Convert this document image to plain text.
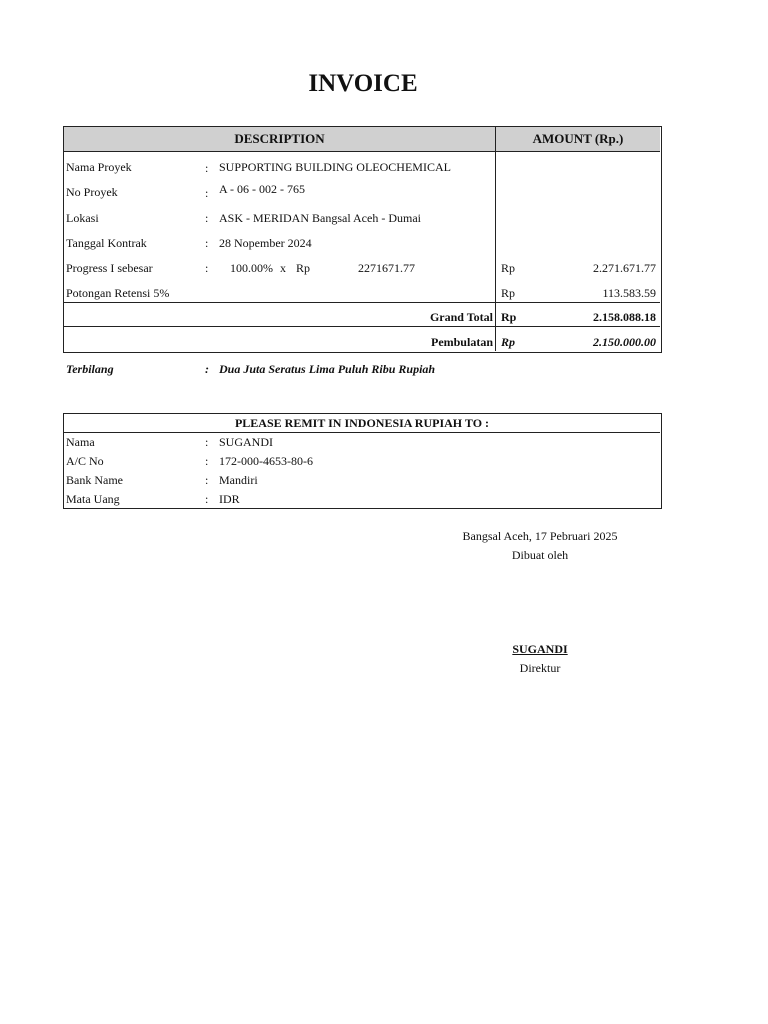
INVOICE
DESCRIPTION	AMOUNT (Rp.)
Nama Proyek	: SUPPORTING BUILDING OLEOCHEMICAL
No Proyek	: A - 06 - 002 - 765
Lokasi	: ASK - MERIDAN Bangsal Aceh - Dumai
Tanggal Kontrak	: 28 Nopember 2024
Progress I sebesar	: 100.00% x Rp	2271671.77	Rp	2.271.671.77
Potongan Retensi 5%	Rp	113.583.59
Grand Total Rp	2.158.088.18
Pembulatan Rp	2.150.000.00
Terbilang	: Dua Juta Seratus Lima Puluh Ribu Rupiah
PLEASE REMIT IN INDONESIA RUPIAH TO :
Nama	: SUGANDI
A/C No	: 172-000-4653-80-6
Bank Name	: Mandiri
Mata Uang	: IDR
Bangsal Aceh, 17 Pebruari 2025
Dibuat oleh
SUGANDI
Direktur
